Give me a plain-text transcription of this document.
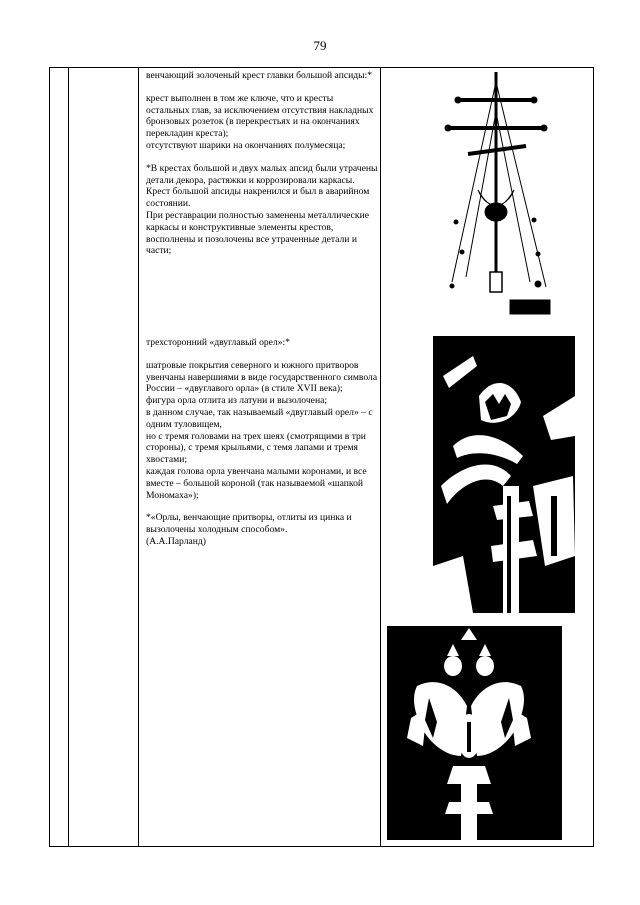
79

венчающий золоченый крест главки большой апсиды:*

крест выполнен в том же ключе, что и кресты остальных глав, за исключением отсутствия накладных бронзовых розеток (в перекрестьях и на окончаниях перекладин креста);

отсутствуют шарики на окончаниях полумесяца;

*В крестах большой и двух малых апсид были утрачены детали декора, растяжки и коррозировали каркасы. Крест большой апсиды накренился и был в аварийном состоянии.

При реставрации полностью заменены металлические каркасы и конструктивные элементы крестов, восполнены и позолочены все утраченные детали и части;

трехсторонний «двуглавый орел»:*

шатровые покрытия северного и южного притворов увенчаны навершиями в виде государственного символа России – «двуглавого орла» (в стиле XVII века);

фигура орла отлита из латуни и вызолочена;

в данном случае, так называемый «двуглавый орел» – с одним туловищем,

но с тремя головами на трех шеях (смотрящими в три стороны), с тремя крыльями, с темя лапами и тремя хвостами;

каждая голова орла увенчана малыми коронами, и все вместе – большой короной (так называемой «шапкой Мономаха»);

*«Орлы, венчающие притворы, отлиты из цинка и вызолочены холодным способом».

(А.А.Парланд)
